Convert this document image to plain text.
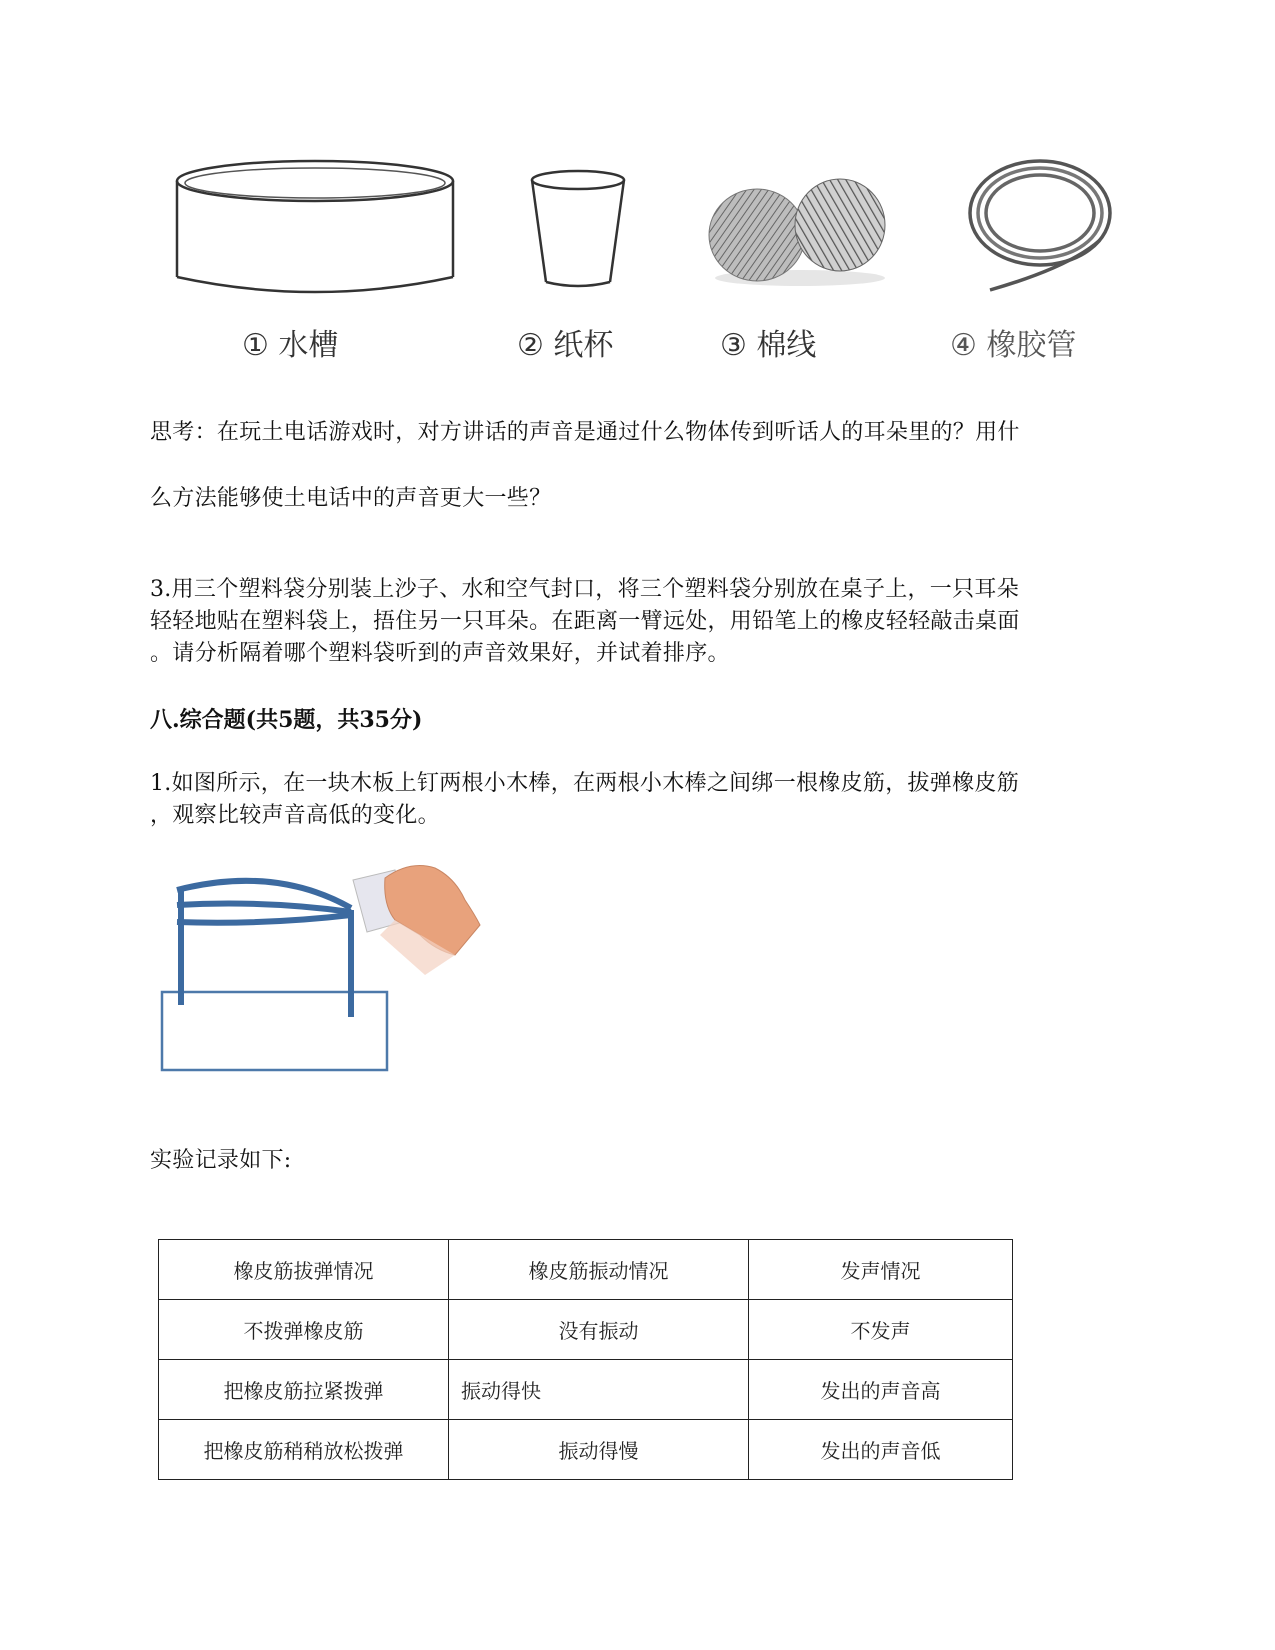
① 水槽	② 纸杯	③ 棉线	④ 橡胶管
思考：在玩土电话游戏时，对方讲话的声音是通过什么物体传到听话人的耳朵里的？用什
么方法能够使土电话中的声音更大一些？
3.用三个塑料袋分别装上沙子、水和空气封口，将三个塑料袋分别放在桌子上，一只耳朵
轻轻地贴在塑料袋上，捂住另一只耳朵。在距离一臂远处，用铅笔上的橡皮轻轻敲击桌面
。请分析隔着哪个塑料袋听到的声音效果好，并试着排序。
八.综合题(共5题，共35分)
1.如图所示，在一块木板上钉两根小木棒，在两根小木棒之间绑一根橡皮筋，拔弹橡皮筋
，观察比较声音高低的变化。
实验记录如下:
橡皮筋拔弹情况	橡皮筋振动情况	发声情况
不拨弹橡皮筋	没有振动	不发声
把橡皮筋拉紧拨弹	振动得快	发出的声音高
把橡皮筋稍稍放松拨弹	振动得慢	发出的声音低
